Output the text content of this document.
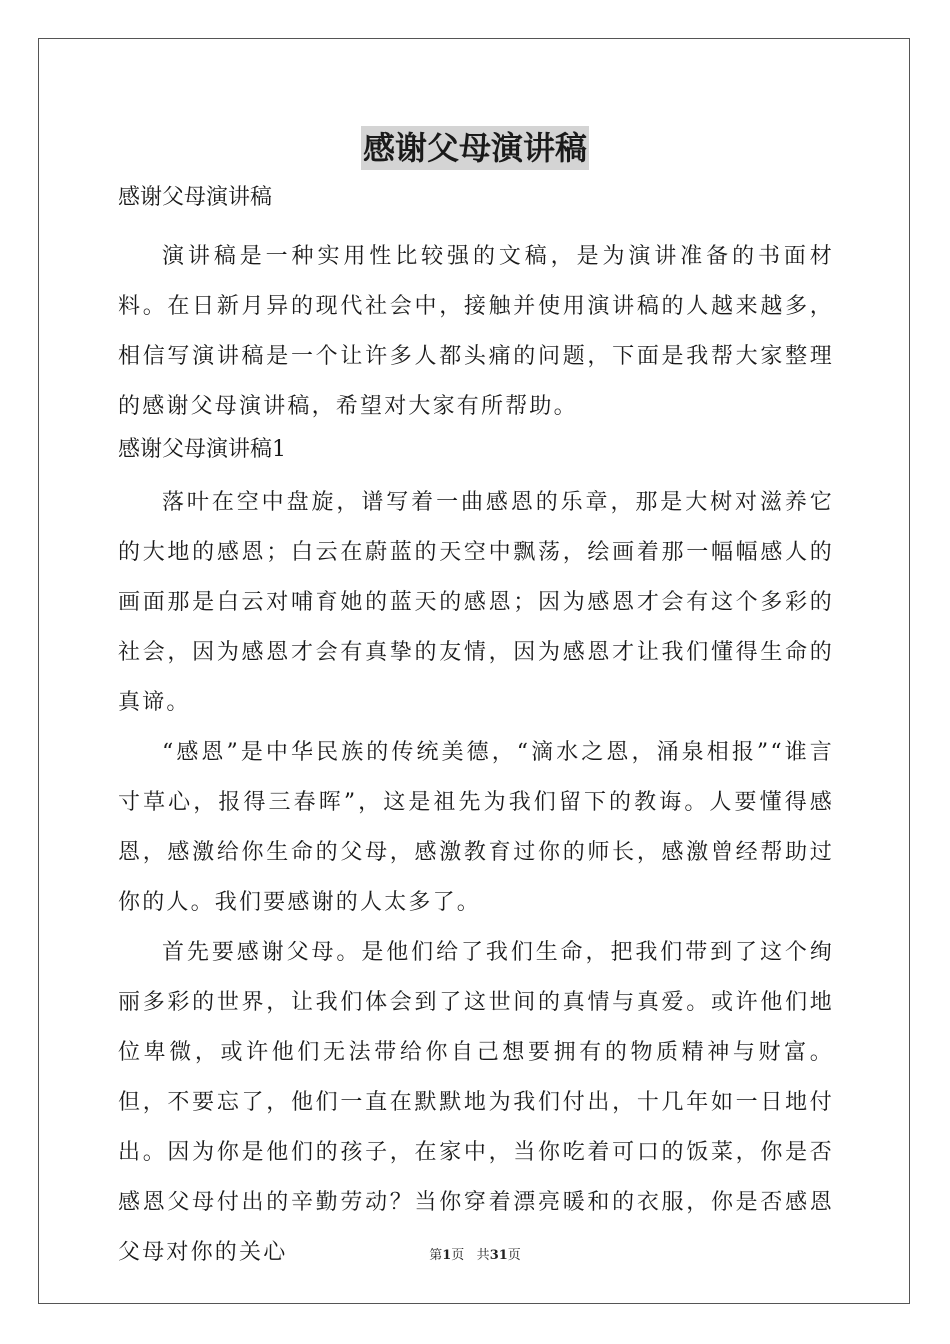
感谢父母演讲稿
感谢父母演讲稿
演讲稿是一种实用性比较强的文稿，是为演讲准备的书面材料。在日新月异的现代社会中，接触并使用演讲稿的人越来越多，相信写演讲稿是一个让许多人都头痛的问题，下面是我帮大家整理的感谢父母演讲稿，希望对大家有所帮助。
感谢父母演讲稿1

落叶在空中盘旋，谱写着一曲感恩的乐章，那是大树对滋养它的大地的感恩；白云在蔚蓝的天空中飘荡，绘画着那一幅幅感人的画面那是白云对哺育她的蓝天的感恩；因为感恩才会有这个多彩的社会，因为感恩才会有真挚的友情，因为感恩才让我们懂得生命的真谛。

“感恩”是中华民族的传统美德，“滴水之恩，涌泉相报”“谁言寸草心，报得三春晖”，这是祖先为我们留下的教诲。人要懂得感恩，感激给你生命的父母，感激教育过你的师长，感激曾经帮助过你的人。我们要感谢的人太多了。

首先要感谢父母。是他们给了我们生命，把我们带到了这个绚丽多彩的世界，让我们体会到了这世间的真情与真爱。或许他们地位卑微，或许他们无法带给你自己想要拥有的物质精神与财富。但，不要忘了，他们一直在默默地为我们付出，十几年如一日地付出。因为你是他们的孩子，在家中，当你吃着可口的饭菜，你是否感恩父母付出的辛勤劳动？当你穿着漂亮暖和的衣服，你是否感恩父母对你的关心	第1页 共31页
